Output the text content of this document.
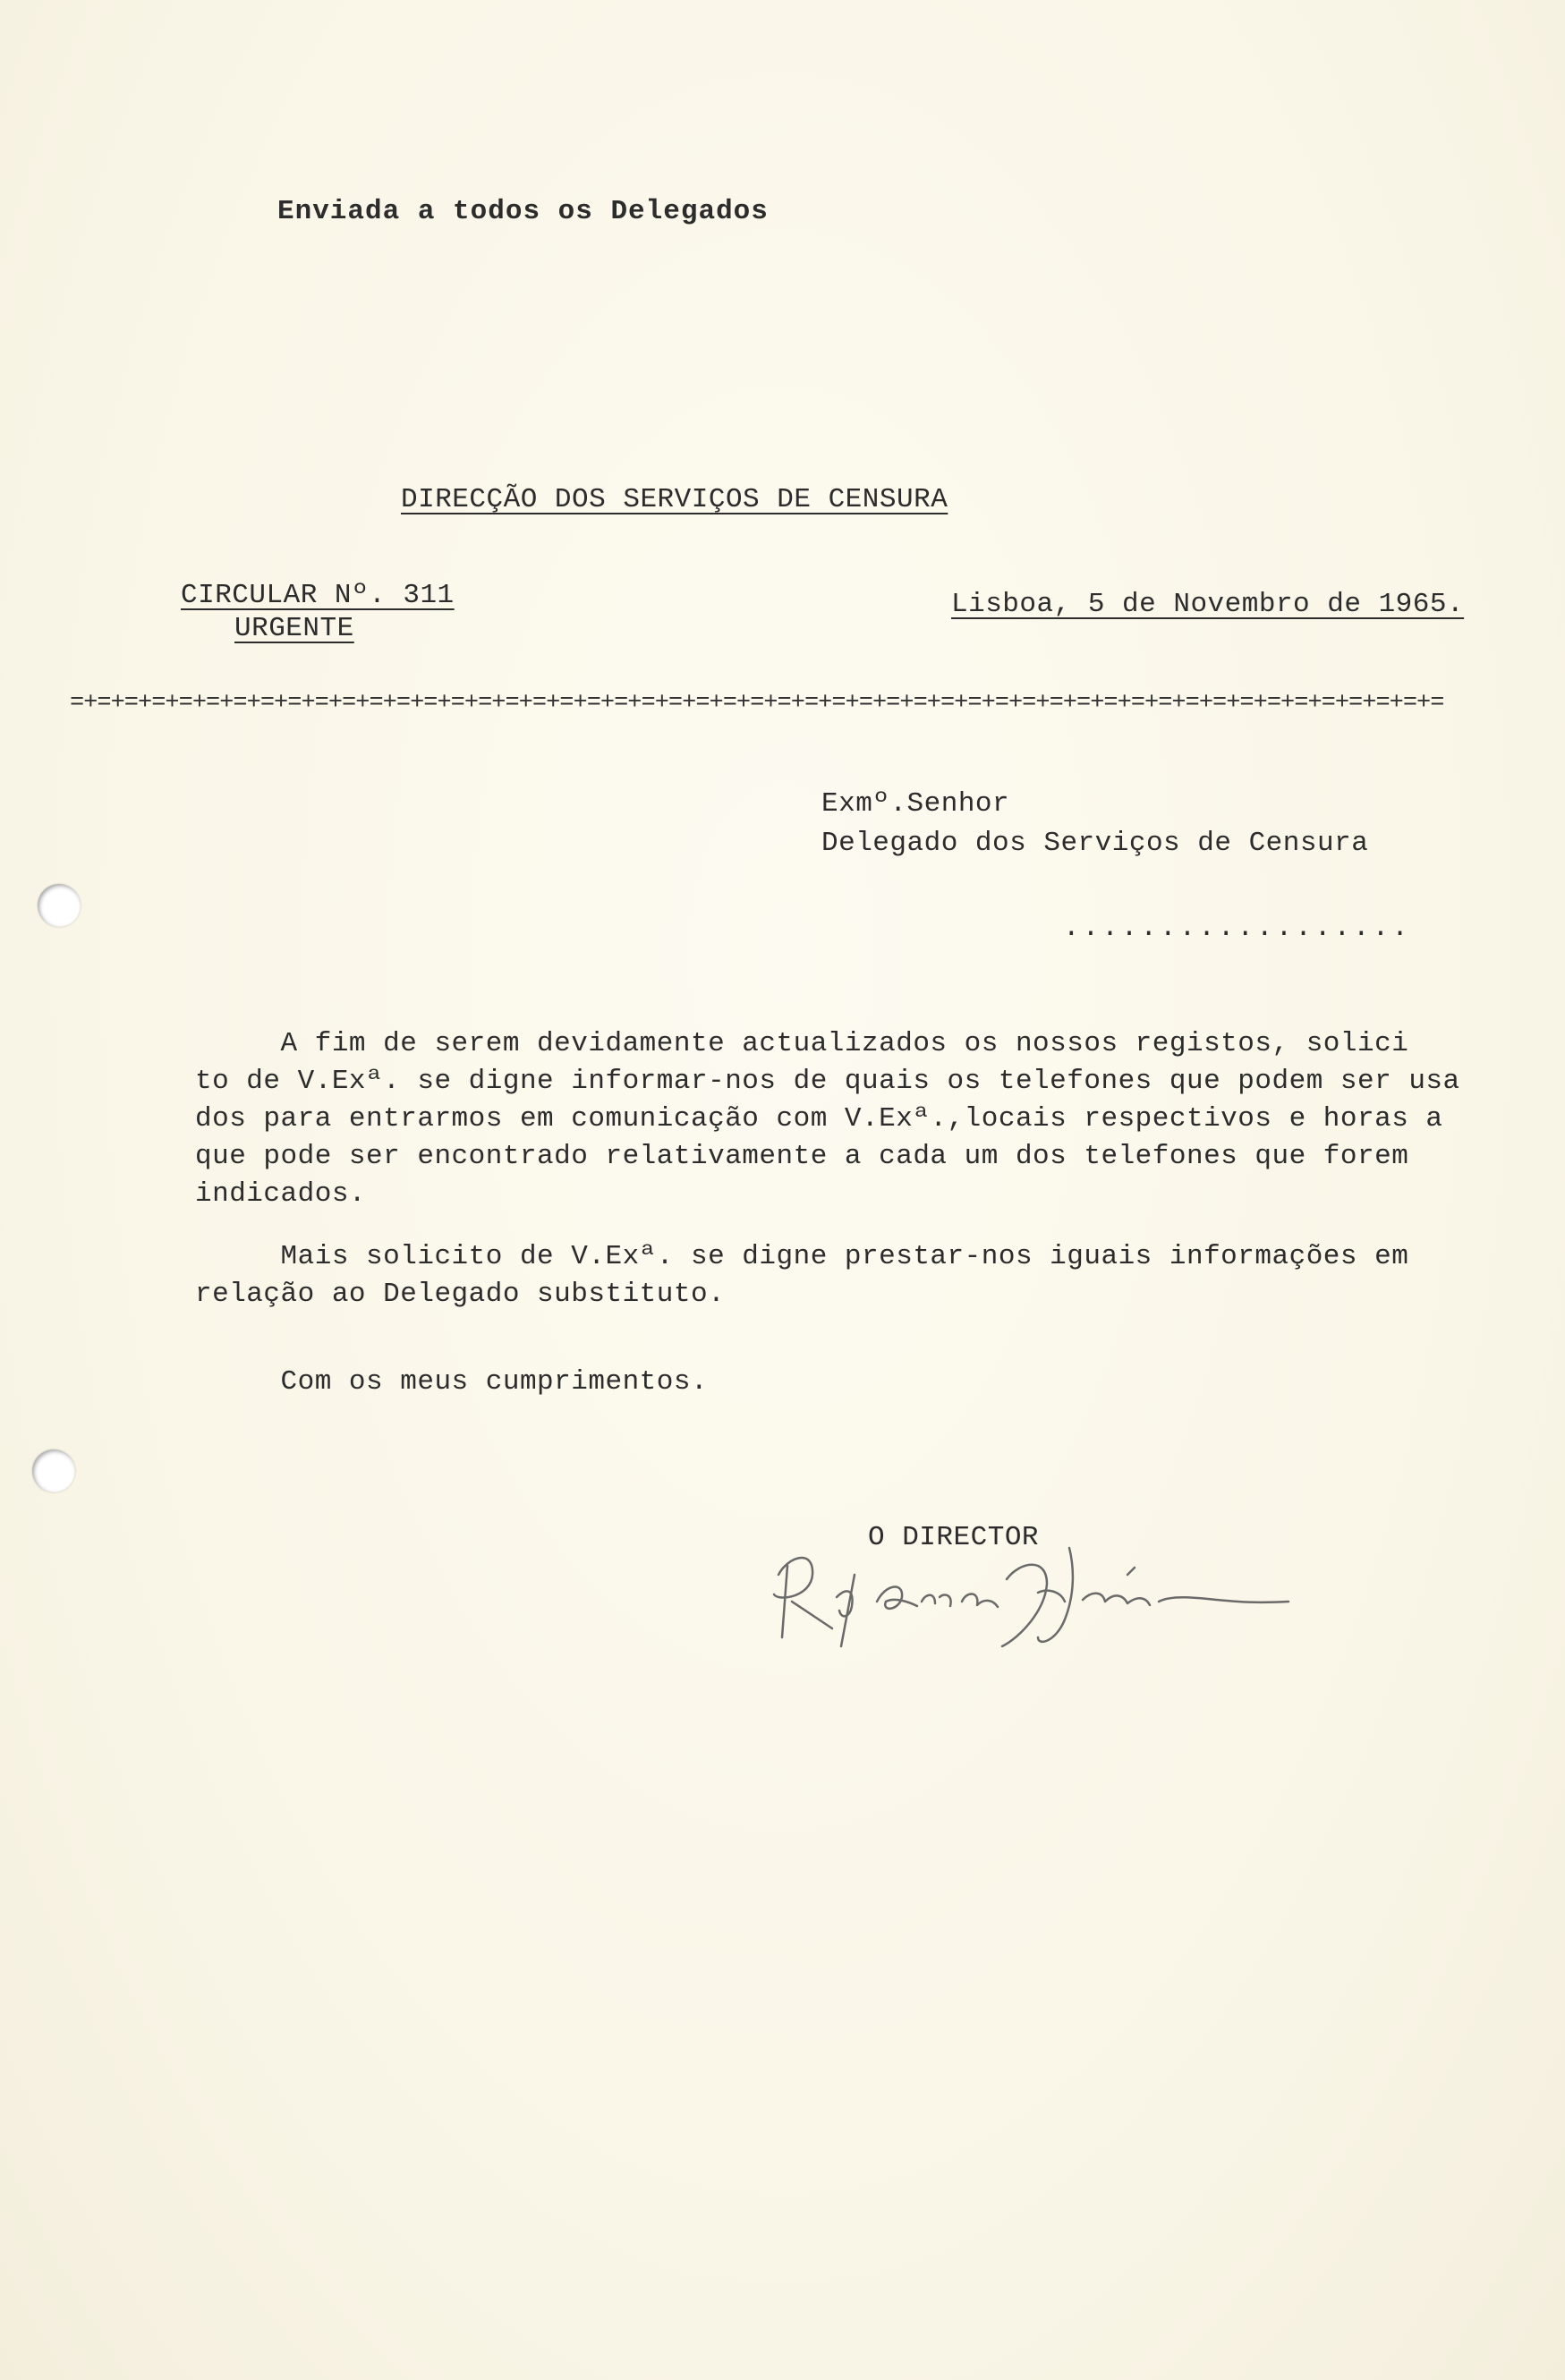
Enviada a todos os Delegados
DIRECÇÃO DOS SERVIÇOS DE CENSURA
CIRCULAR Nº. 311
URGENTE
Lisboa, 5 de Novembro de 1965.
=+=+=+=+=+=+=+=+=+=+=+=+=+=+=+=+=+=+=+=+=+=+=+=+=+=+=+=+=+=+=+=+=+=+=+=+=+=+=+=+=+=+=+=+=+=+=+=+=+=+=
Exmº.Senhor
Delegado dos Serviços de Censura
..................
A fim de serem devidamente actualizados os nossos registos, solici
to de V.Exª. se digne informar-nos de quais os telefones que podem ser usa
dos para entrarmos em comunicação com V.Exª.,locais respectivos e horas a
que pode ser encontrado relativamente a cada um dos telefones que forem
indicados.
Mais solicito de V.Exª. se digne prestar-nos iguais informações em
relação ao Delegado substituto.
Com os meus cumprimentos.
O DIRECTOR
